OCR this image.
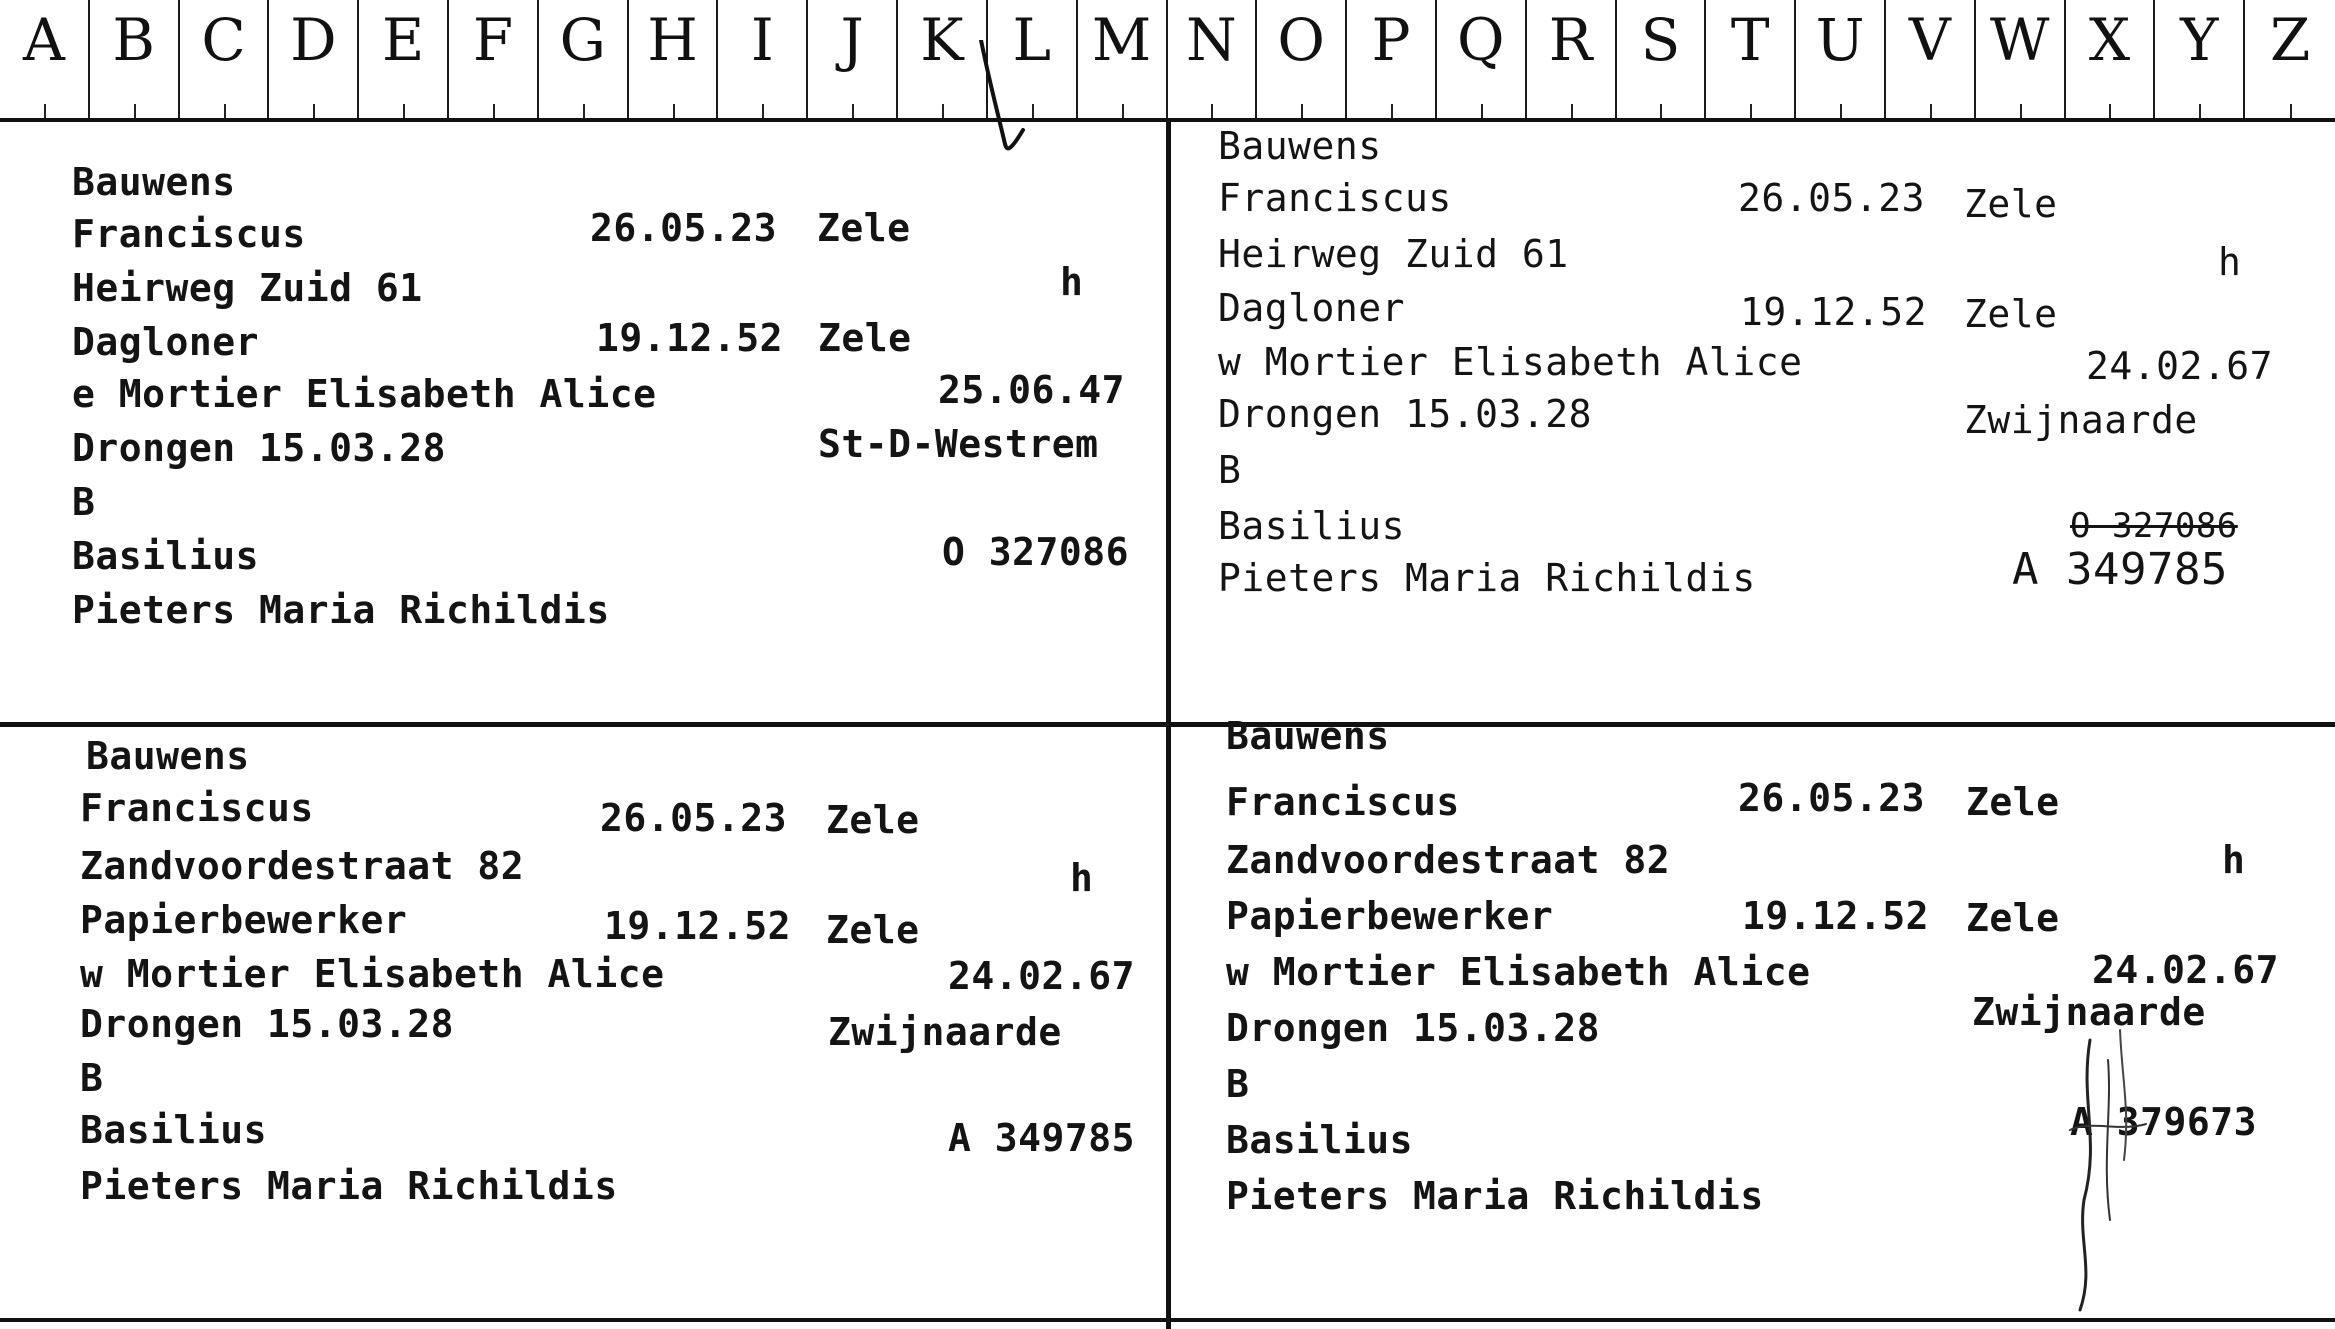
A B C D E F G H I	J K L M N O P Q R S T U V W X Y Z
Bauwens
Franciscus	26.05.23 Zele
Heirweg Zuid 61	h
Dagloner	19.12.52 Zele
e Mortier Elisabeth Alice	25.06.47
Drongen 15.03.28	St-D-Westrem
B
Basilius	O 327086
Pieters Maria Richildis
Bauwens
Franciscus	26.05.23 Zele
Heirweg Zuid 61	h
Dagloner	19.12.52 Zele
w Mortier Elisabeth Alice	24.02.67
Drongen 15.03.28	Zwijnaarde
B
Basilius	O 327086
Pieters Maria Richildis	A 349785
Bauwens
Franciscus	26.05.23 Zele
Zandvoordestraat 82	h
Papierbewerker	19.12.52 Zele
w Mortier Elisabeth Alice	24.02.67
Drongen 15.03.28	Zwijnaarde
B
Basilius	A 349785
Pieters Maria Richildis
Bauwens
Franciscus	26.05.23 Zele
Zandvoordestraat 82	h
Papierbewerker	19.12.52 Zele
w Mortier Elisabeth Alice	24.02.67
Drongen 15.03.28	Zwijnaarde
B
Basilius	A 379673
Pieters Maria Richildis
